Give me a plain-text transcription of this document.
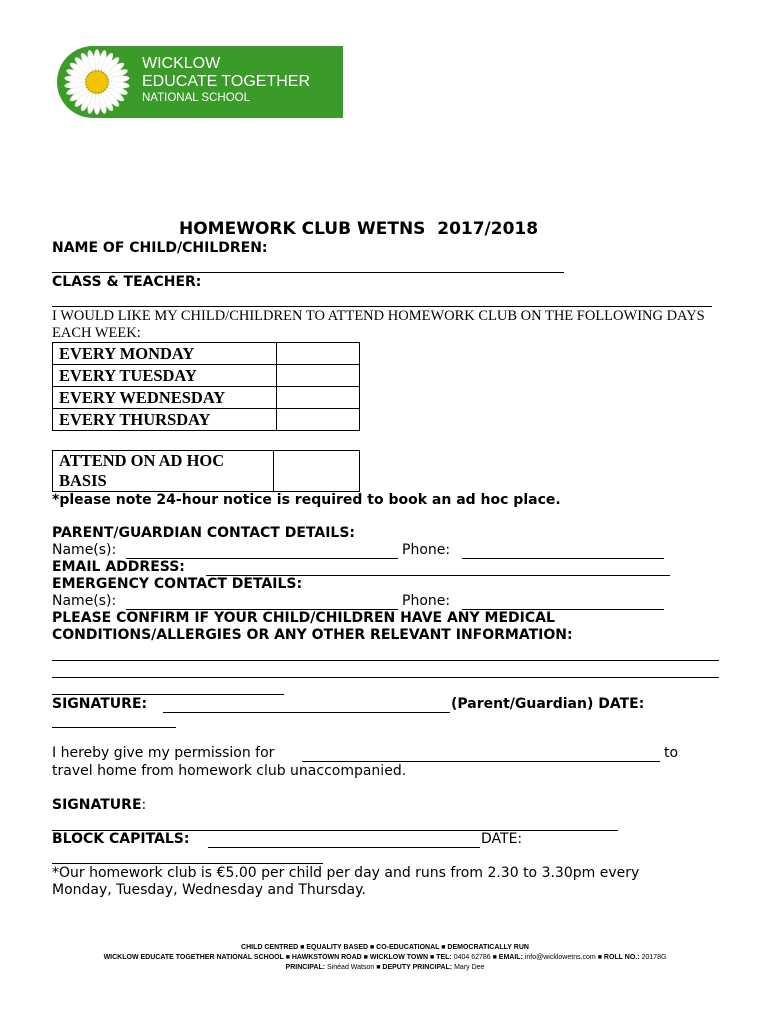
WICKLOW
EDUCATE TOGETHER
NATIONAL SCHOOL
HOMEWORK CLUB WETNS  2017/2018
NAME OF CHILD/CHILDREN:
CLASS & TEACHER:
I WOULD LIKE MY CHILD/CHILDREN TO ATTEND HOMEWORK CLUB ON THE FOLLOWING DAYS EACH WEEK:
EVERY MONDAY	
EVERY TUESDAY	
EVERY WEDNESDAY	
EVERY THURSDAY	
ATTEND ON AD HOC BASIS	
*please note 24-hour notice is required to book an ad hoc place.
PARENT/GUARDIAN CONTACT DETAILS:
Name(s):	Phone:
EMAIL ADDRESS:
EMERGENCY CONTACT DETAILS:
Name(s):	Phone:
PLEASE CONFIRM IF YOUR CHILD/CHILDREN HAVE ANY MEDICAL
CONDITIONS/ALLERGIES OR ANY OTHER RELEVANT INFORMATION:
SIGNATURE:	(Parent/Guardian) DATE:
I hereby give my permission for	to
travel home from homework club unaccompanied.
SIGNATURE:
BLOCK CAPITALS:	DATE:
*Our homework club is €5.00 per child per day and runs from 2.30 to 3.30pm every
Monday, Tuesday, Wednesday and Thursday.
CHILD CENTRED ■ EQUALITY BASED ■ CO-EDUCATIONAL ■ DEMOCRATICALLY RUN
WICKLOW EDUCATE TOGETHER NATIONAL SCHOOL ■ HAWKSTOWN ROAD ■ WICKLOW TOWN ■ TEL: 0404 62786 ■ EMAIL: info@wicklowetns.com ■ ROLL NO.: 20178G
PRINCIPAL: Sinéad Watson ■ DEPUTY PRINCIPAL: Mary Dee
